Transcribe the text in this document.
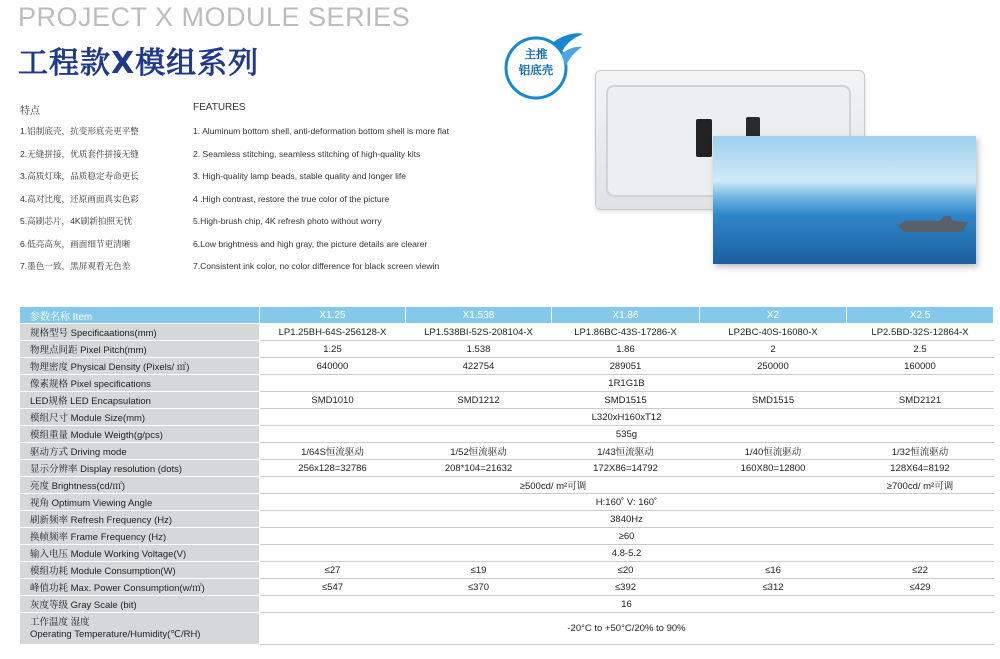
PROJECT X MODULE SERIES
工程款X模组系列
特点	FEATURES
1.铝制底壳，抗变形底壳更平整
2.无缝拼接，优质套件拼接无缝
3.高质灯珠，品质稳定寿命更长
4.高对比度，还原画面真实色彩
5.高刷芯片，4K刷新拍照无忧
6.低亮高灰，画面细节更清晰
7.墨色一致，黑屏观看无色差
1. Aluminum bottom shell, anti-deformation bottom shell is more flat
2. Seamless stitching, seamless stitching of high-quality kits
3. High-quality lamp beads, stable quality and longer life
4 .High contrast, restore the true color of the picture
5.High-brush chip, 4K refresh photo without worry
6.Low brightness and high gray, the picture details are clearer
7.Consistent ink color, no color difference for black screen viewin
主推
铝底壳
参数名称 Item	X1.25	X1.538	X1.86	X2	X2.5
规格型号 Specificaations(mm)	LP1.25BH-64S-256128-X	LP1.538BI-52S-208104-X	LP1.86BC-43S-17286-X	LP2BC-40S-16080-X	LP2.5BD-32S-12864-X
物理点间距 Pixel Pitch(mm)	1.25	1.538	1.86	2	2.5
物理密度 Physical Density (Pixels/ ㎡)	640000	422754	289051	250000	160000
像素规格 Pixel specifications	1R1G1B				
LED规格 LED Encapsulation	SMD1010	SMD1212	SMD1515	SMD1515	SMD2121
模组尺寸 Module Size(mm)	L320xH160xT12				
模组重量 Module Weigth(g/pcs)	535g				
驱动方式 Driving mode	1/64S恒流驱动	1/52恒流驱动	1/43恒流驱动	1/40恒流驱动	1/32恒流驱动
显示分辨率 Display resolution (dots)	256x128=32786	208*104=21632	172X86=14792	160X80=12800	128X64=8192
亮度 Brightness(cd/㎡)	≥500cd/ m²可调				≥700cd/ m²可调
视角 Optimum Viewing Angle	H:160˚ V: 160˚				
刷新频率 Refresh Frequency (Hz)	3840Hz				
换帧频率 Frame Frequency (Hz)	≥60				
输入电压 Module Working Voltage(V)	4.8-5.2				
模组功耗 Module Consumption(W)	≤27	≤19	≤20	≤16	≤22
峰值功耗 Max. Power Consumption(w/㎡)	≤547	≤370	≤392	≤312	≤429
灰度等级 Gray Scale (bit)	16				

工作温度 湿度
Operating Temperature/Humidity(℃/RH)	-20°C to +50°C/20% to 90%				
